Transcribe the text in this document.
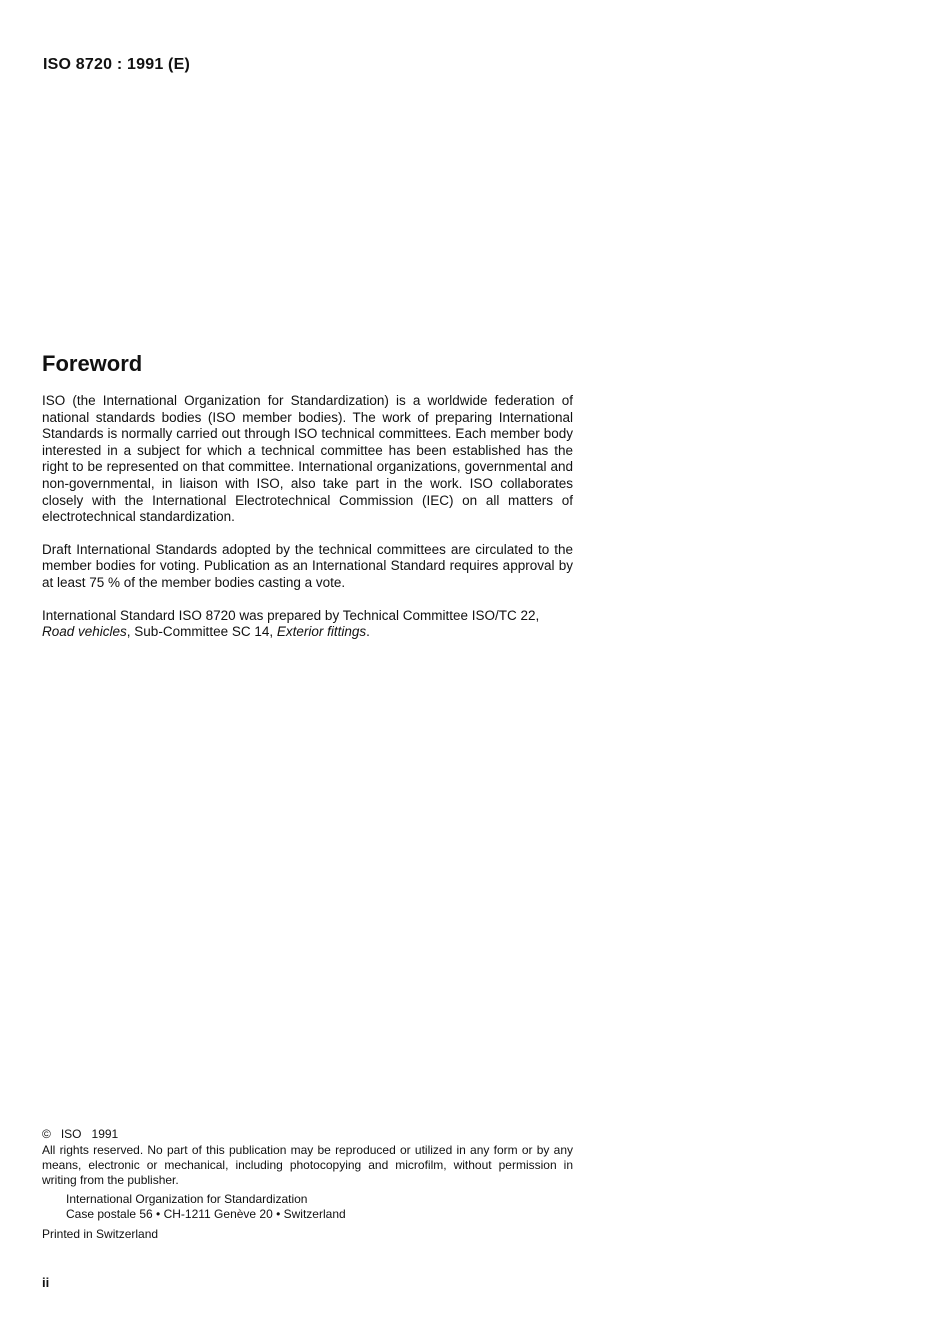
ISO 8720 : 1991 (E)
Foreword

ISO (the International Organization for Standardization) is a worldwide federation of national standards bodies (ISO member bodies). The work of preparing International Standards is normally carried out through ISO technical committees. Each member body interested in a subject for which a technical committee has been established has the right to be represented on that committee. International organizations, governmental and non-governmental, in liaison with ISO, also take part in the work. ISO collaborates closely with the International Electrotechnical Commission (IEC) on all matters of electrotechnical standardization.

Draft International Standards adopted by the technical committees are circulated to the member bodies for voting. Publication as an International Standard requires approval by at least 75 % of the member bodies casting a vote.

International Standard ISO 8720 was prepared by Technical Committee ISO/TC 22, Road vehicles, Sub-Committee SC 14, Exterior fittings.

© ISO 1991

All rights reserved. No part of this publication may be reproduced or utilized in any form or by any means, electronic or mechanical, including photocopying and microfilm, without permission in writing from the publisher.

International Organization for Standardization
Case postale 56 • CH-1211 Genève 20 • Switzerland
Printed in Switzerland
ii
